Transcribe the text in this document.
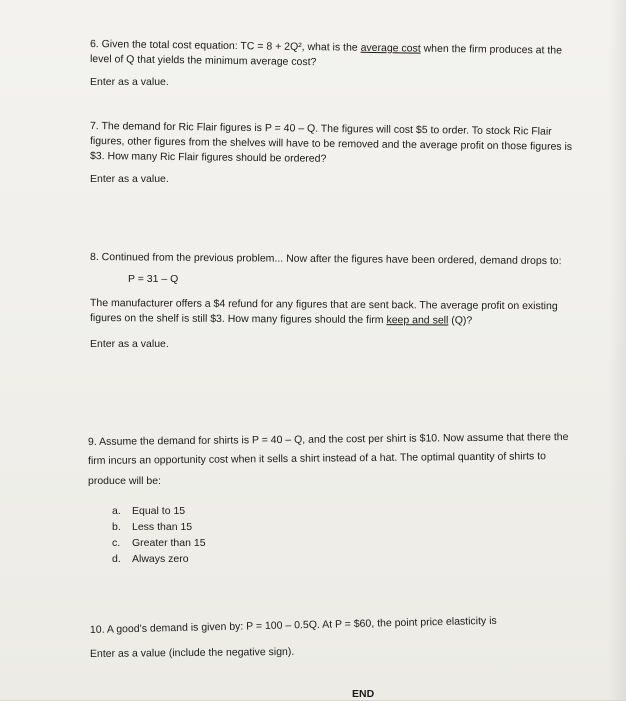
6. Given the total cost equation: TC = 8 + 2Q², what is the average cost when the firm produces at the
level of Q that yields the minimum average cost?
Enter as a value.
7. The demand for Ric Flair figures is P = 40 – Q. The figures will cost $5 to order. To stock Ric Flair
figures, other figures from the shelves will have to be removed and the average profit on those figures is
$3. How many Ric Flair figures should be ordered?
Enter as a value.
8. Continued from the previous problem... Now after the figures have been ordered, demand drops to:
P = 31 – Q
The manufacturer offers a $4 refund for any figures that are sent back. The average profit on existing
figures on the shelf is still $3. How many figures should the firm keep and sell (Q)?
Enter as a value.
9. Assume the demand for shirts is P = 40 – Q, and the cost per shirt is $10. Now assume that there the
firm incurs an opportunity cost when it sells a shirt instead of a hat. The optimal quantity of shirts to
produce will be:
a. Equal to 15
b. Less than 15
c. Greater than 15
d. Always zero
10. A good’s demand is given by: P = 100 – 0.5Q. At P = $60, the point price elasticity is
Enter as a value (include the negative sign).
END
